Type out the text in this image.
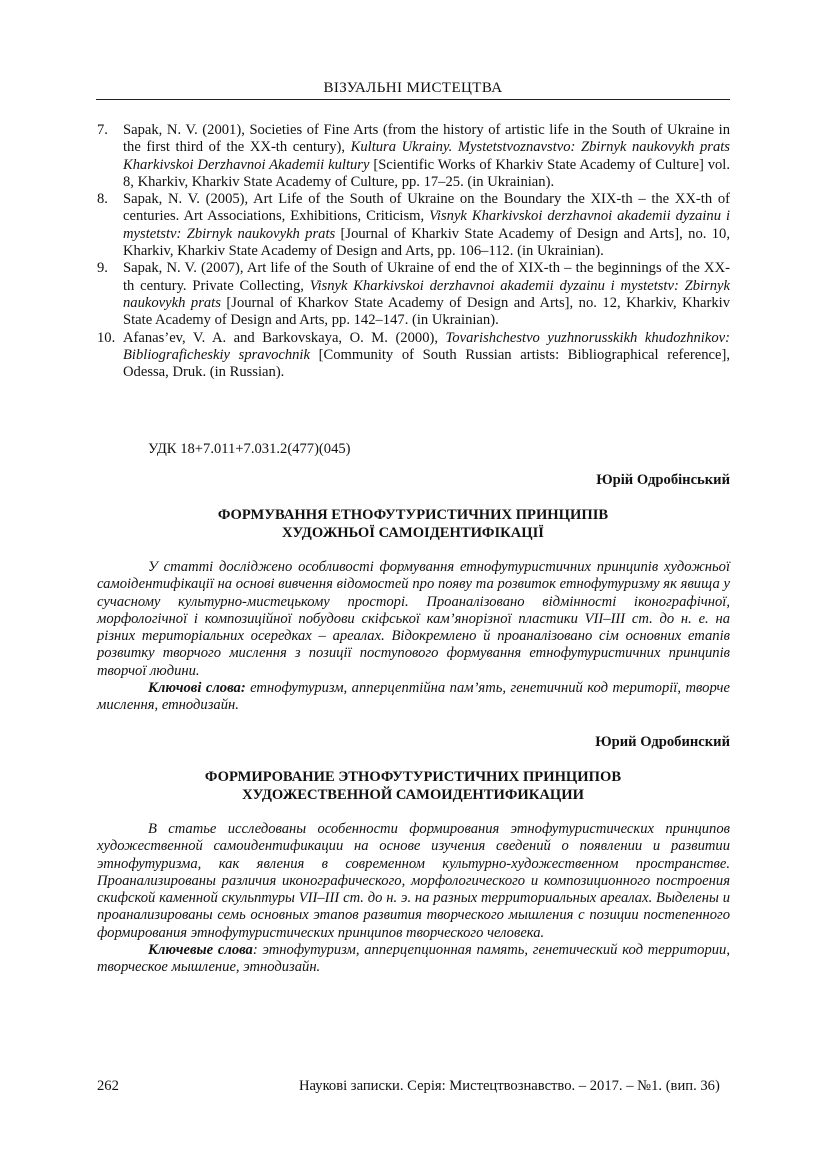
ВІЗУАЛЬНІ МИСТЕЦТВА
7.	Sapak, N. V. (2001), Societies of Fine Arts (from the history of artistic life in the South of Ukraine in the first third of the XX-th century), Kultura Ukrainy. Mystetstvoznavstvo: Zbirnyk naukovykh prats Kharkivskoi Derzhavnoi Akademii kultury [Scientific Works of Kharkiv State Academy of Culture] vol. 8, Kharkiv, Kharkiv State Academy of Culture, pp. 17–25. (in Ukrainian).
8.	Sapak, N. V. (2005), Art Life of the South of Ukraine on the Boundary the XIX-th – the XX-th of centuries. Art Associations, Exhibitions, Criticism, Visnyk Kharkivskoi derzhavnoi akademii dyzainu i mystetstv: Zbirnyk naukovykh prats [Journal of Kharkiv State Academy of Design and Arts], no. 10, Kharkiv, Kharkiv State Academy of Design and Arts, pp. 106–112. (in Ukrainian).
9.	Sapak, N. V. (2007), Art life of the South of Ukraine of end the of XIX-th – the beginnings of the XX-th century. Private Collecting, Visnyk Kharkivskoi derzhavnoi akademii dyzainu i mystetstv: Zbirnyk naukovykh prats [Journal of Kharkov State Academy of Design and Arts], no. 12, Kharkiv, Kharkiv State Academy of Design and Arts, pp. 142–147. (in Ukrainian).
10. Afanas’ev, V. A. and Barkovskaya, O. M. (2000), Tovarishchestvo yuzhnorusskikh khudozhnikov: Bibliograficheskiy spravochnik [Community of South Russian artists: Bibliographical reference], Odessa, Druk. (in Russian).
УДК 18+7.011+7.031.2(477)(045)
Юрій Одробінський
ФОРМУВАННЯ ЕТНОФУТУРИСТИЧНИХ ПРИНЦИПІВ
ХУДОЖНЬОЇ САМОІДЕНТИФІКАЦІЇ

У статті досліджено особливості формування етнофутуристичних принципів художньої самоідентифікації на основі вивчення відомостей про появу та розвиток етнофутуризму як явища у сучасному культурно-мистецькому просторі. Проаналізовано відмінності іконографічної, морфологічної і композиційної побудови скіфської кам’янорізної пластики VII–III ст. до н. е. на різних територіальних осередках – ареалах. Відокремлено й проаналізовано сім основних етапів розвитку творчого мислення з позиції поступового формування етнофутуристичних принципів творчої людини.

Ключові слова: етнофутуризм, апперцептійна пам’ять, генетичний код території, творче мислення, етнодизайн.

Юрий Одробинский
ФОРМИРОВАНИЕ ЭТНОФУТУРИСТИЧНИХ ПРИНЦИПОВ
ХУДОЖЕСТВЕННОЙ САМОИДЕНТИФИКАЦИИ

В статье исследованы особенности формирования этнофутуристических принципов художественной самоидентификации на основе изучения сведений о появлении и развитии этнофутуризма, как явления в современном культурно-художественном пространстве. Проанализированы различия иконографического, морфологического и композиционного построения скифской каменной скульптуры VII–III ст. до н. э. на разных территориальных ареалах. Выделены и проанализированы семь основных этапов развития творческого мышления с позиции постепенного формирования этнофутуристических принципов творческого человека.

Ключевые слова: этнофутуризм, апперцепционная память, генетический код территории, творческое мышление, этнодизайн.

262	Наукові записки. Серія: Мистецтвознавство. – 2017. – №1. (вип. 36)
